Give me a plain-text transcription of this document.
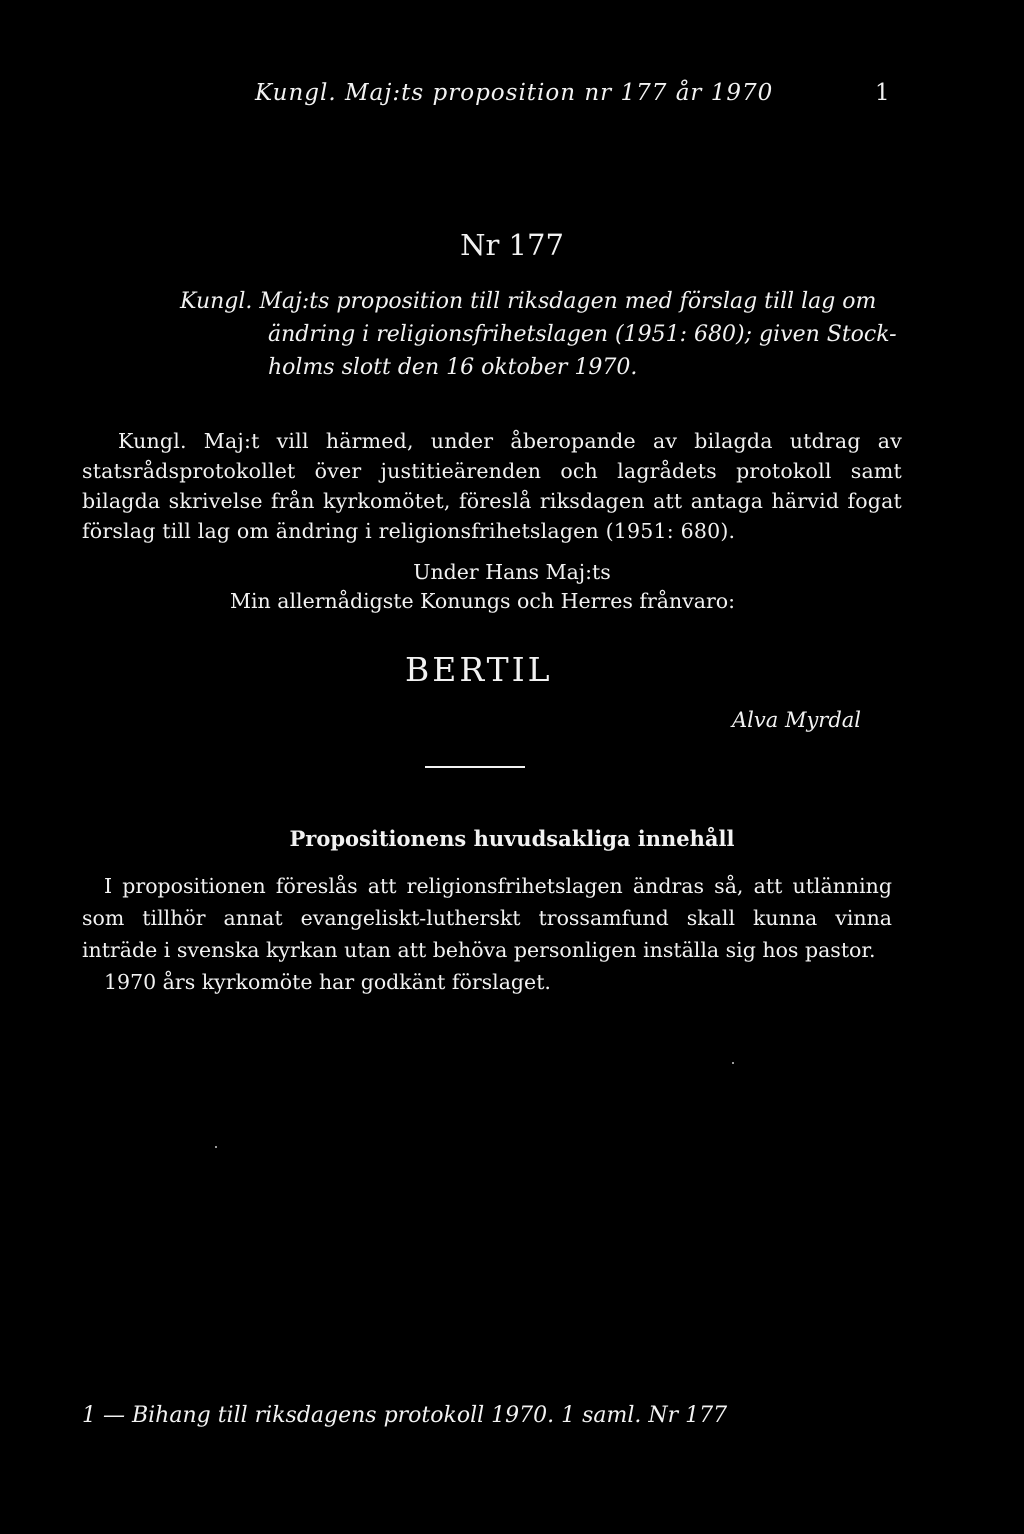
Kungl. Maj:ts proposition nr 177 år 1970	1
Nr 177
Kungl. Maj:ts proposition till riksdagen med förslag till lag om
ändring i religionsfrihetslagen (1951: 680); given Stock-
holms slott den 16 oktober 1970.
Kungl. Maj:t vill härmed, under åberopande av bilagda utdrag av statsrådsprotokollet över justitieärenden och lagrådets protokoll samt bilagda skrivelse från kyrkomötet, föreslå riksdagen att antaga härvid fogat förslag till lag om ändring i religionsfrihetslagen (1951: 680).
Under Hans Maj:ts
Min allernådigste Konungs och Herres frånvaro:
BERTIL
Alva Myrdal
Propositionens huvudsakliga innehåll

I propositionen föreslås att religionsfrihetslagen ändras så, att utlänning som tillhör annat evangeliskt-lutherskt trossamfund skall kunna vinna inträde i svenska kyrkan utan att behöva personligen inställa sig hos pastor.

1970 års kyrkomöte har godkänt förslaget.

1 — Bihang till riksdagens protokoll 1970. 1 saml. Nr 177
